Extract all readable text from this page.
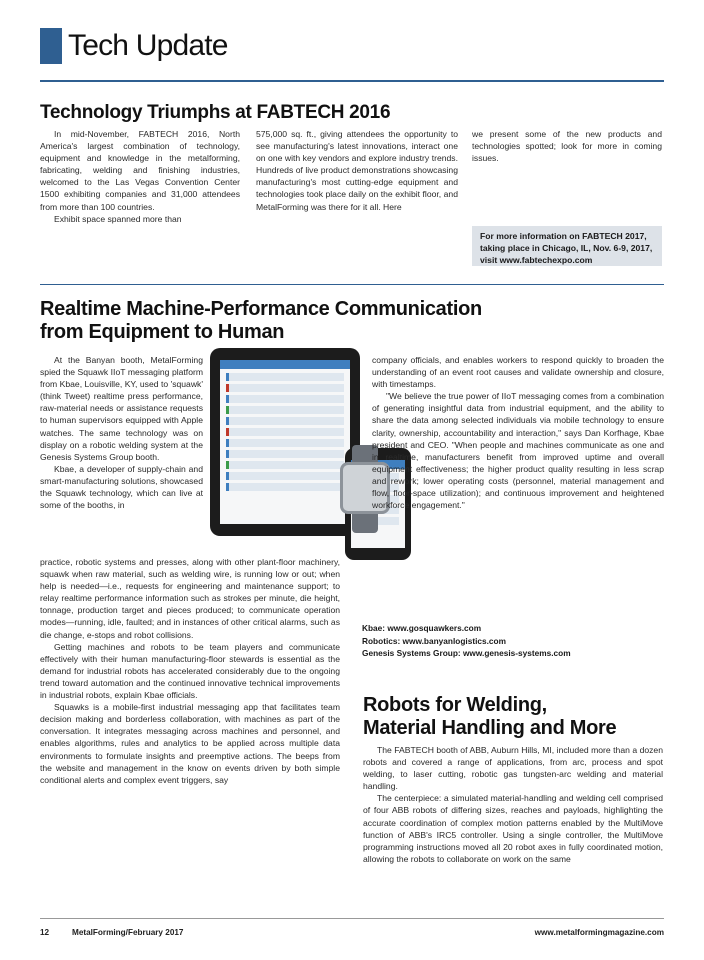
Tech Update
Technology Triumphs at FABTECH 2016

In mid-November, FABTECH 2016, North America's largest combination of technology, equipment and knowledge in the metalforming, fabricating, welding and finishing industries, welcomed to the Las Vegas Convention Center 1500 exhibiting companies and 31,000 attendees from more than 100 countries.

Exhibit space spanned more than

575,000 sq. ft., giving attendees the opportunity to see manufacturing's latest innovations, interact one on one with key vendors and explore industry trends. Hundreds of live product demonstrations showcasing manufacturing's most cutting-edge equipment and technologies took place daily on the exhibit floor, and MetalForming was there for it all. Here

we present some of the new products and technologies spotted; look for more in coming issues.

For more information on FABTECH 2017, taking place in Chicago, IL, Nov. 6-9, 2017, visit www.fabtechexpo.com
Realtime Machine-Performance Communication
from Equipment to Human

At the Banyan booth, MetalForming spied the Squawk IIoT messaging platform from Kbae, Louisville, KY, used to 'squawk' (think Tweet) realtime press performance, raw-material needs or assistance requests to human supervisors equipped with Apple watches. The same technology was on display on a robotic welding system at the Genesis Systems Group booth.

Kbae, a developer of supply-chain and smart-manufacturing solutions, showcased the Squawk technology, which can live at some of the booths, in

practice, robotic systems and presses, along with other plant-floor machinery, squawk when raw material, such as welding wire, is running low or out; when help is needed—i.e., requests for engineering and maintenance support; to relay realtime performance information such as strokes per minute, die height, tonnage, production target and pieces produced; to communicate operation modes—running, idle, faulted; and in instances of other critical alarms, such as die change, e-stops and robot collisions.

Getting machines and robots to be team players and communicate effectively with their human manufacturing-floor stewards is essential as the demand for industrial robots has accelerated considerably due to the ongoing trend toward automation and the continued innovative technical improvements in industrial robots, explain Kbae officials.

Squawks is a mobile-first industrial messaging app that facilitates team decision making and borderless collaboration, with machines as part of the conversation. It integrates messaging across machines and personnel, and enables algorithms, rules and analytics to be applied across multiple data environments to formulate insights and preemptive actions. The beeps from the website and management in the know on events driven by both simple conditional alerts and complex event triggers, say

company officials, and enables workers to respond quickly to broaden the understanding of an event root causes and validate ownership and closure, with timestamps.

"We believe the true power of IIoT messaging comes from a combination of generating insightful data from industrial equipment, and the ability to share the data among selected individuals via mobile technology to ensure clarity, ownership, accountability and interaction," says Dan Korfhage, Kbae president and CEO. "When people and machines communicate as one and in realtime, manufacturers benefit from improved uptime and overall equipment effectiveness; the higher product quality resulting in less scrap and rework; lower operating costs (personnel, material management and flow, floor-space utilization); and continuous improvement and heightened workforce engagement."

Kbae: www.gosquawkers.com
Robotics: www.banyanlogistics.com
Genesis Systems Group: www.genesis-systems.com
Robots for Welding,
Material Handling and More

The FABTECH booth of ABB, Auburn Hills, MI, included more than a dozen robots and covered a range of applications, from arc, process and spot welding, to laser cutting, robotic gas tungsten-arc welding and material handling.

The centerpiece: a simulated material-handling and welding cell comprised of four ABB robots of differing sizes, reaches and payloads, highlighting the accurate coordination of complex motion patterns enabled by the MultiMove function of ABB's IRC5 controller. Using a single controller, the MultiMove programming instructions moved all 20 robot axes in fully coordinated motion, allowing the robots to collaborate on work on the same

12	MetalForming/February 2017	www.metalformingmagazine.com
